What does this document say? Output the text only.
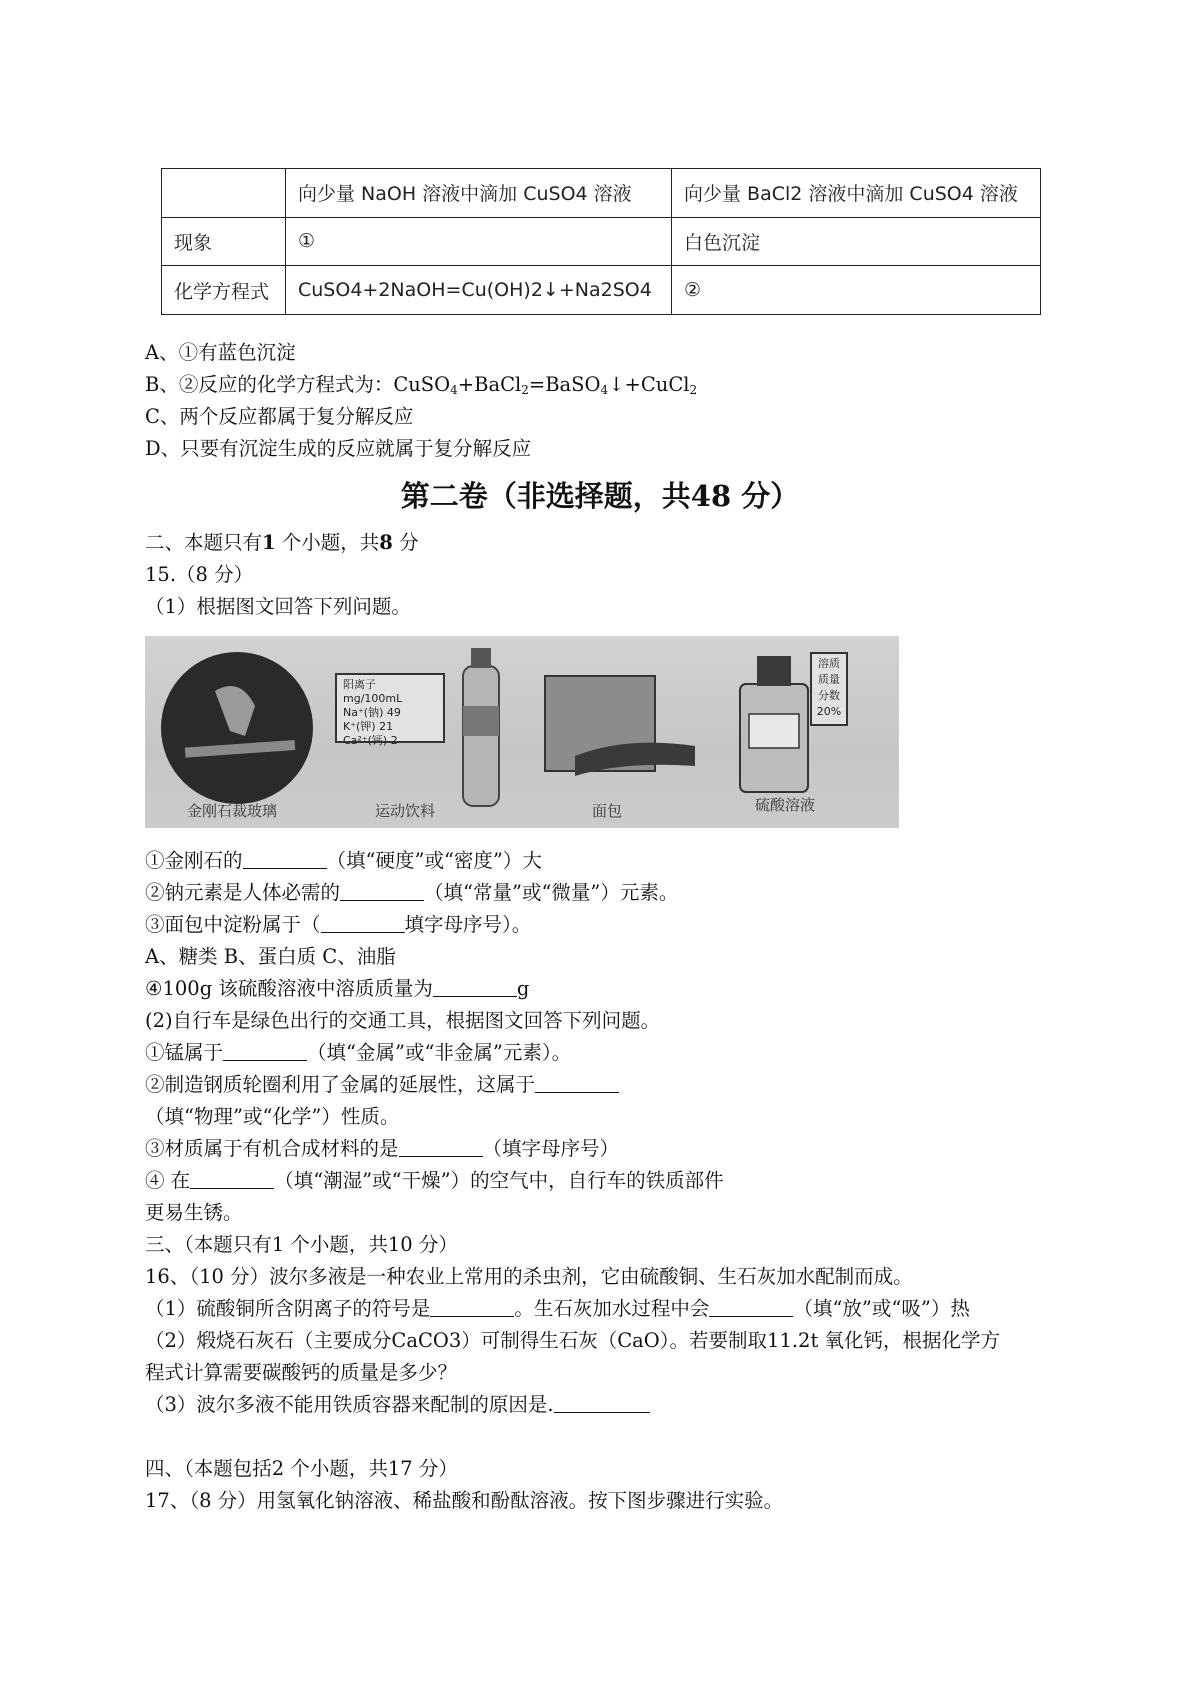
	向少量 NaOH 溶液中滴加 CuSO4 溶液	向少量 BaCl2 溶液中滴加 CuSO4 溶液
现象	①	白色沉淀
化学方程式	CuSO4+2NaOH=Cu(OH)2↓+Na2SO4	②
A、①有蓝色沉淀
B、②反应的化学方程式为：CuSO$_4$+BaCl$_2$=BaSO$_4$↓+CuCl$_2$
C、两个反应都属于复分解反应
D、只要有沉淀生成的反应就属于复分解反应
第二卷（非选择题，共48 分）
二、本题只有1 个小题，共8 分
15.（8 分）
（1）根据图文回答下列问题。
阳离子 mg/100mL
Na⁺(钠) 49
K⁺(钾) 21
Ca²⁺(钙) 2
溶质
质量
分数
20%
金刚石裁玻璃	运动饮料	面包	硫酸溶液
①金刚石的	（填“硬度”或“密度”）大
②钠元素是人体必需的	（填“常量”或“微量”）元素。
③面包中淀粉属于（	填字母序号）。
A、糖类 B、蛋白质 C、油脂
④100g 该硫酸溶液中溶质质量为	g
(2)自行车是绿色出行的交通工具，根据图文回答下列问题。
①锰属于	（填“金属”或“非金属”元素）。
②制造钢质轮圈利用了金属的延展性，这属于
（填“物理”或“化学”）性质。
③材质属于有机合成材料的是	（填字母序号）
④ 在	（填“潮湿”或“干燥”）的空气中，自行车的铁质部件
更易生锈。
三、（本题只有1 个小题，共10 分）
16、（10 分）波尔多液是一种农业上常用的杀虫剂，它由硫酸铜、生石灰加水配制而成。
（1）硫酸铜所含阴离子的符号是	。生石灰加水过程中会	（填“放”或“吸”）热
（2）煅烧石灰石（主要成分CaCO3）可制得生石灰（CaO）。若要制取11.2t 氧化钙，根据化学方
程式计算需要碳酸钙的质量是多少？
（3）波尔多液不能用铁质容器来配制的原因是.
四、（本题包括2 个小题，共17 分）
17、（8 分）用氢氧化钠溶液、稀盐酸和酚酞溶液。按下图步骤进行实验。
